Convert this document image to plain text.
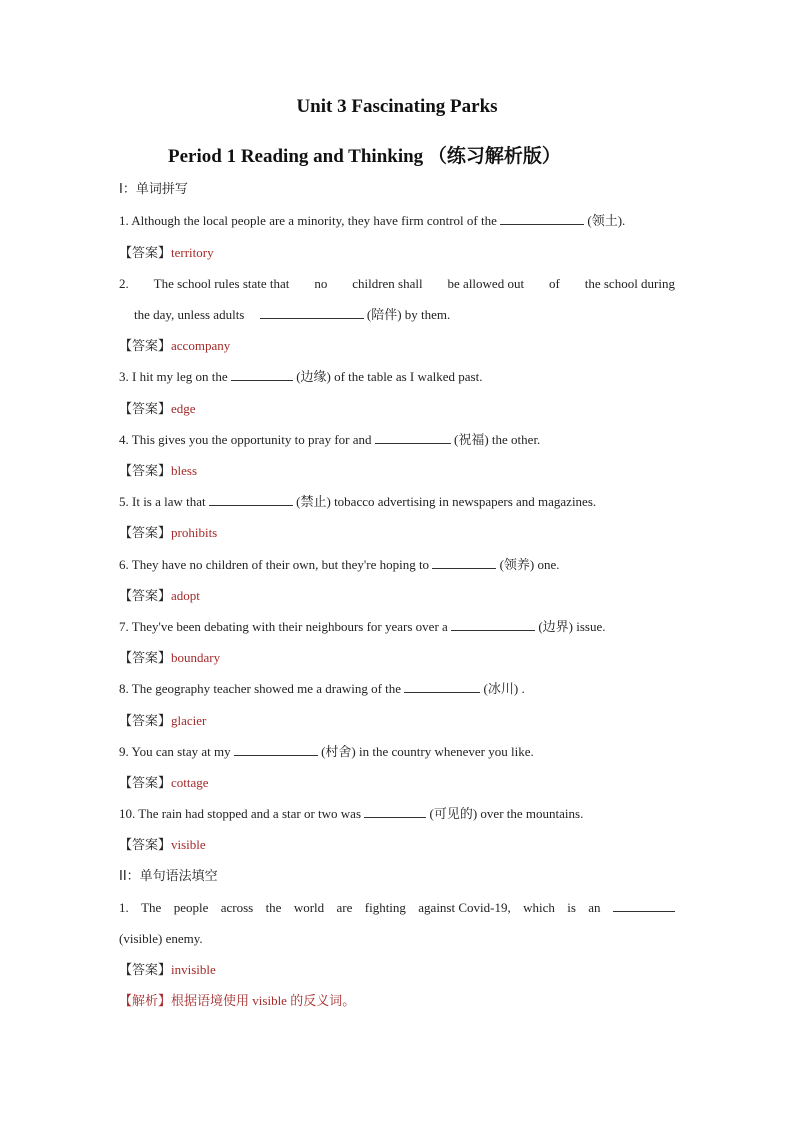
Unit 3 Fascinating Parks
Period 1 Reading and Thinking （练习解析版）
I：单词拼写
1. Although the local people are a minority, they have firm control of the	(领土).
【答案】territory
2. The school rules state that no children shall be allowed out of the school during
the day, unless adults	(陪伴) by them.
【答案】accompany
3. I hit my leg on the	(边缘) of the table as I walked past.
【答案】edge
4. This gives you the opportunity to pray for and	(祝福) the other.
【答案】bless
5. It is a law that	(禁止) tobacco advertising in newspapers and magazines.
【答案】prohibits
6. They have no children of their own, but they're hoping to	(领养) one.
【答案】adopt
7. They've been debating with their neighbours for years over a	(边界) issue.
【答案】boundary
8. The geography teacher showed me a drawing of the	(冰川) .
【答案】glacier
9. You can stay at my	(村舍) in the country whenever you like.
【答案】cottage
10. The rain had stopped and a star or two was	(可见的) over the mountains.
【答案】visible
II：单句语法填空
1. The people across the world are fighting against Covid-19, which is an
(visible) enemy.
【答案】invisible
【解析】根据语境使用 visible 的反义词。
